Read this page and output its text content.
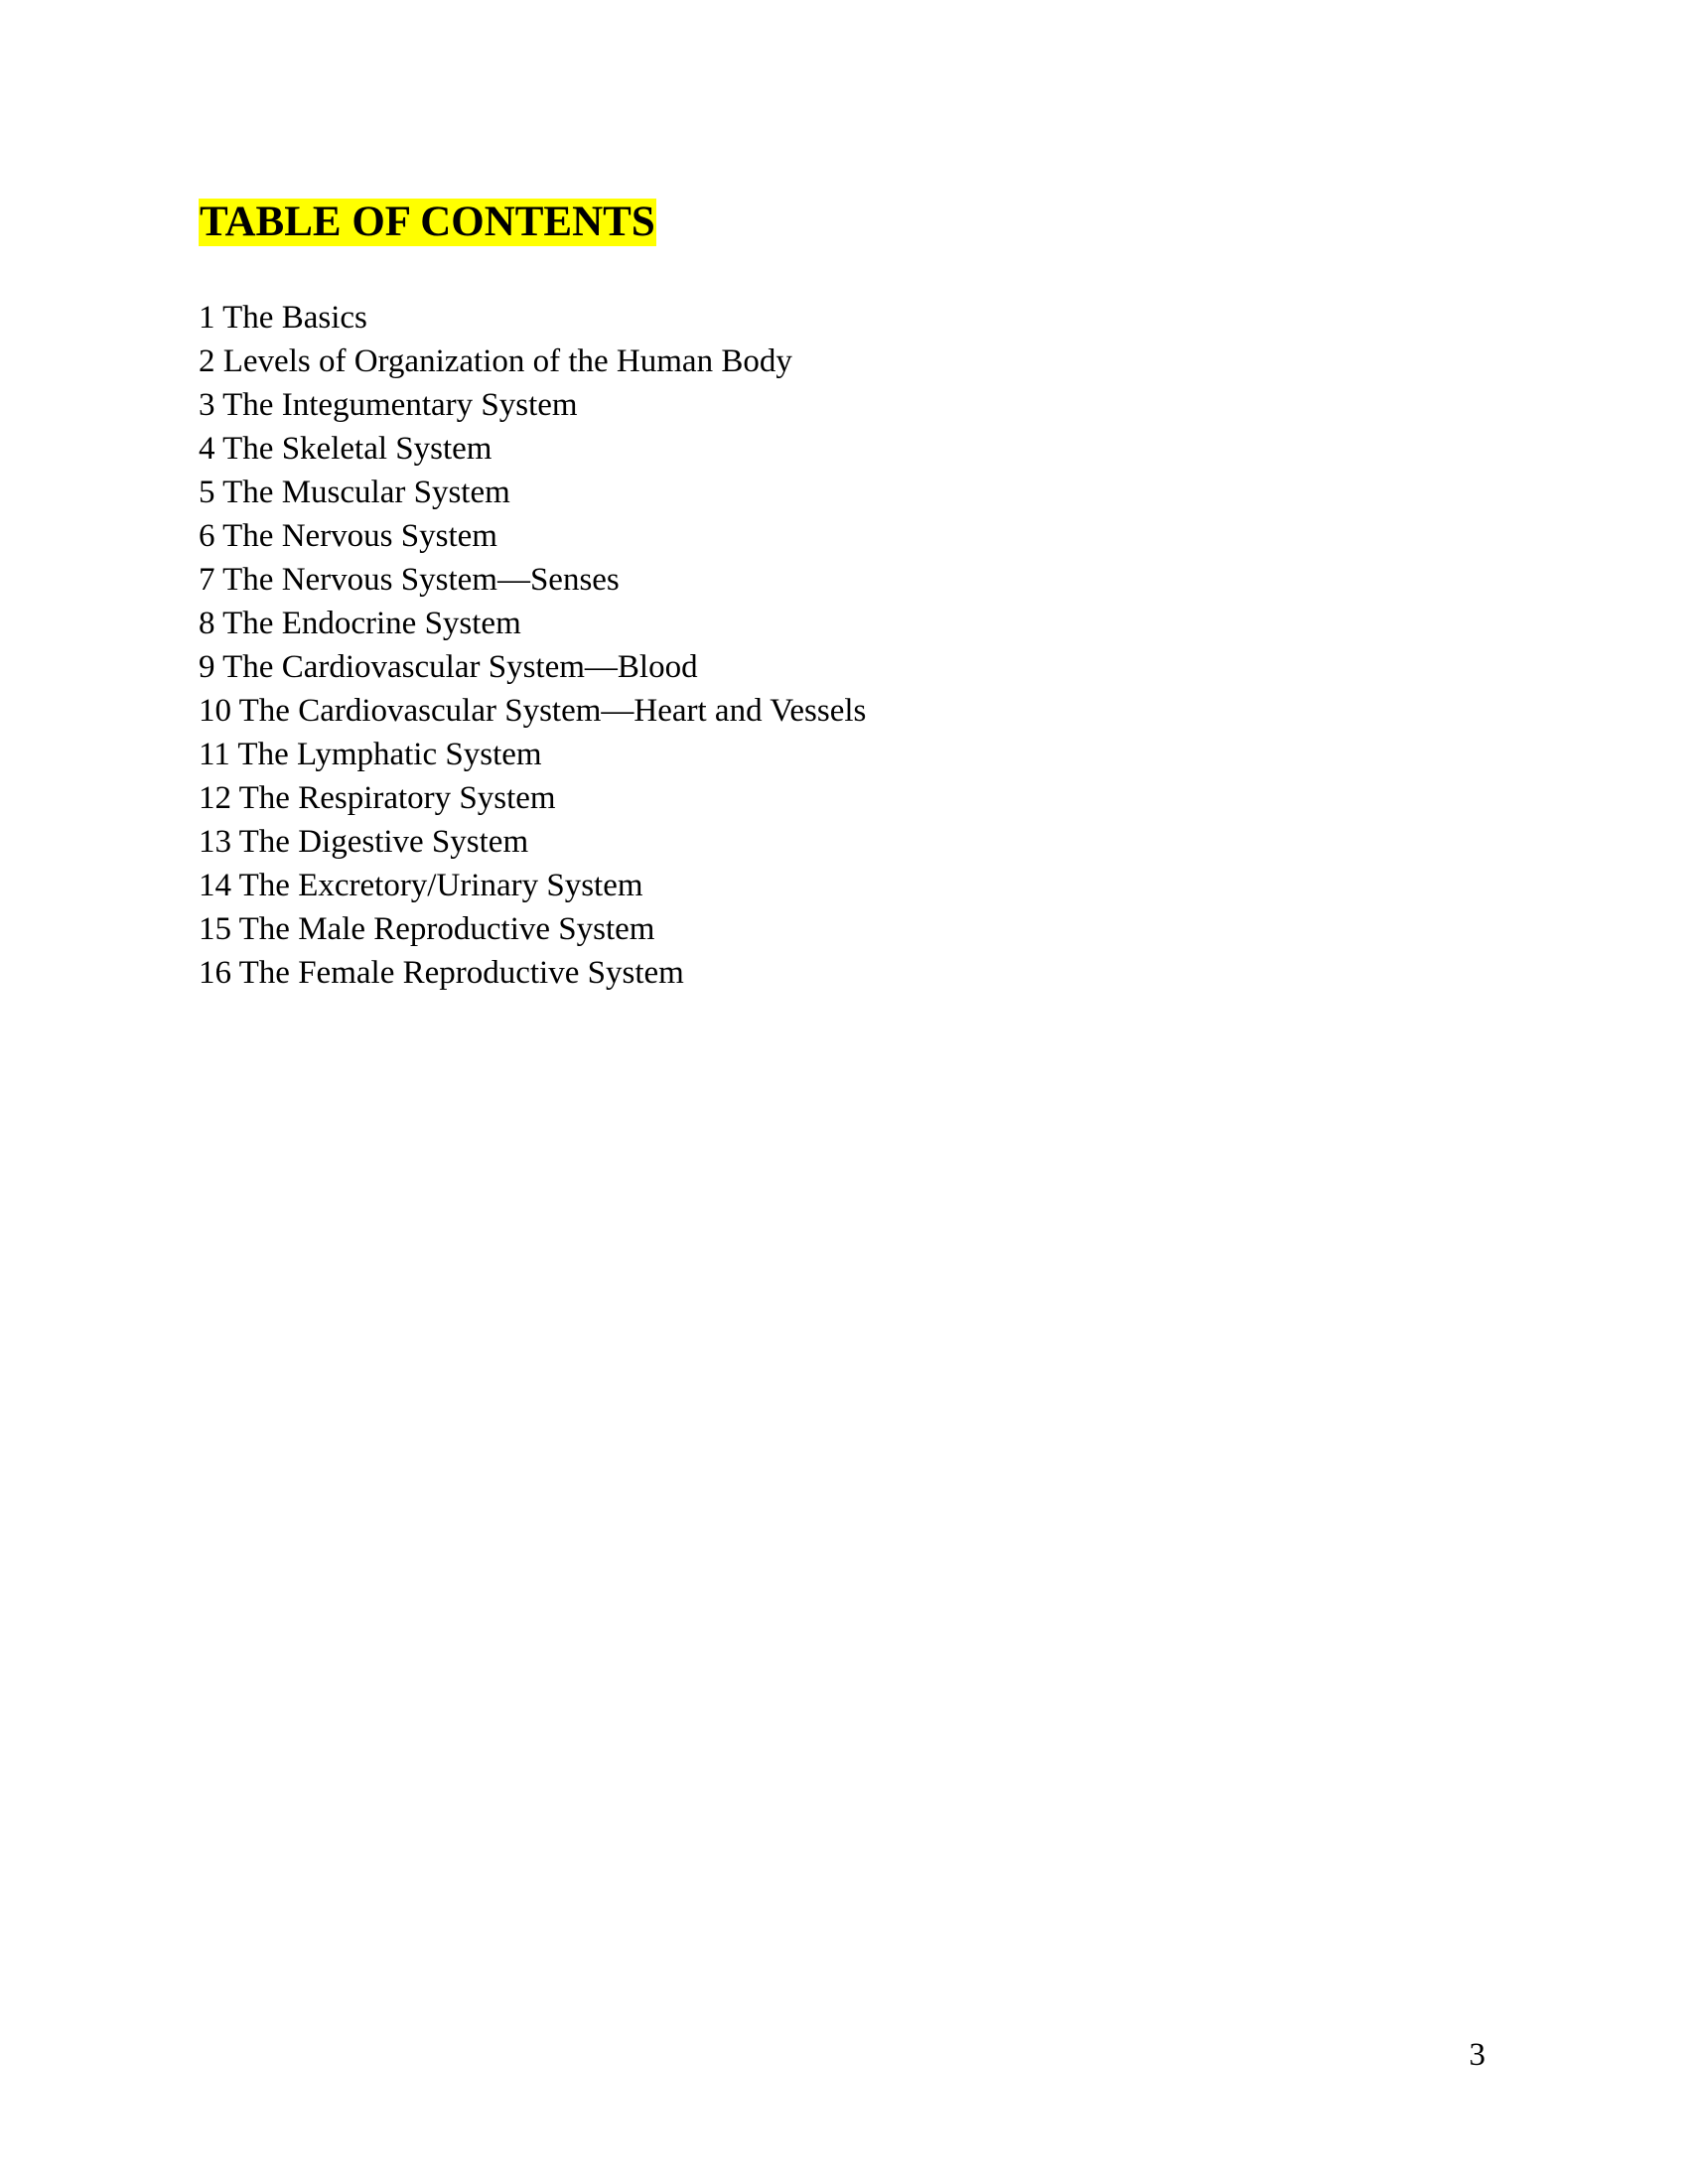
TABLE OF CONTENTS
1 The Basics
2 Levels of Organization of the Human Body
3 The Integumentary System
4 The Skeletal System
5 The Muscular System
6 The Nervous System
7 The Nervous System—Senses
8 The Endocrine System
9 The Cardiovascular System—Blood
10 The Cardiovascular System—Heart and Vessels
11 The Lymphatic System
12 The Respiratory System
13 The Digestive System
14 The Excretory/Urinary System
15 The Male Reproductive System
16 The Female Reproductive System
3
